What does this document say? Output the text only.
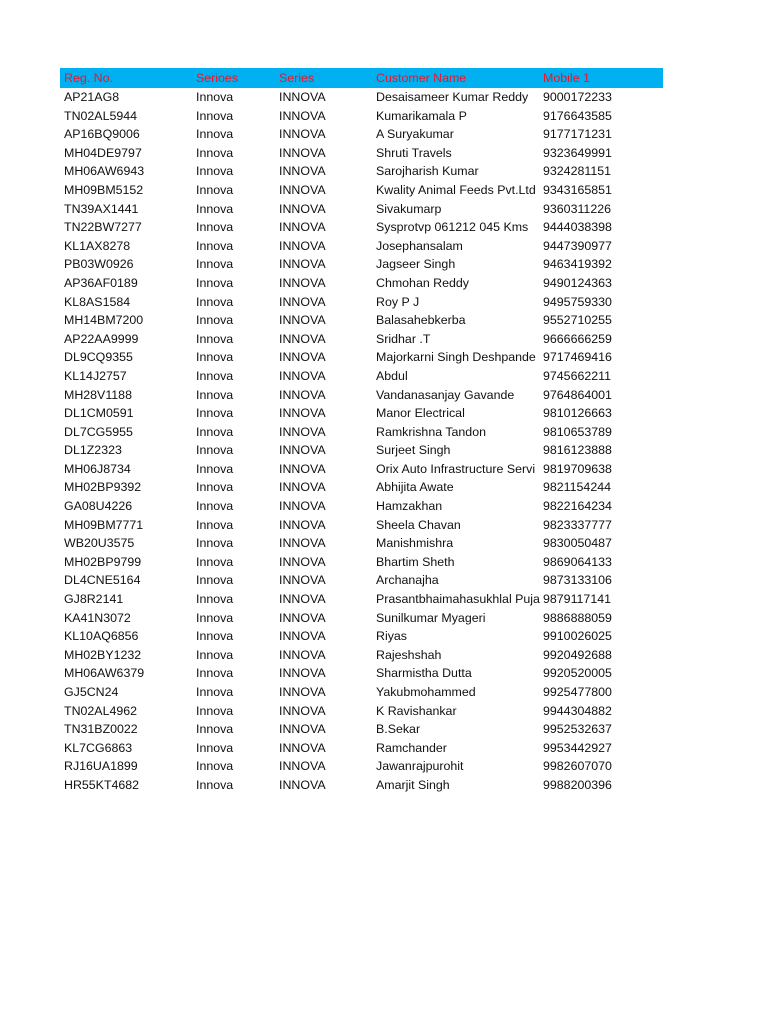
Reg. No.	Serioes	Series	Customer Name	Mobile 1
AP21AG8	Innova	INNOVA	Desaisameer Kumar Reddy	9000172233
TN02AL5944	Innova	INNOVA	Kumarikamala P	9176643585
AP16BQ9006	Innova	INNOVA	A Suryakumar	9177171231
MH04DE9797	Innova	INNOVA	Shruti Travels	9323649991
MH06AW6943	Innova	INNOVA	Sarojharish Kumar	9324281151
MH09BM5152	Innova	INNOVA	Kwality Animal Feeds Pvt.Ltd 9343165851
TN39AX1441	Innova	INNOVA	Sivakumarp	9360311226
TN22BW7277	Innova	INNOVA	Sysprotvp 061212 045 Kms	9444038398
KL1AX8278	Innova	INNOVA	Josephansalam	9447390977
PB03W0926	Innova	INNOVA	Jagseer Singh	9463419392
AP36AF0189	Innova	INNOVA	Chmohan Reddy	9490124363
KL8AS1584	Innova	INNOVA	Roy P J	9495759330
MH14BM7200	Innova	INNOVA	Balasahebkerba	9552710255
AP22AA9999	Innova	INNOVA	Sridhar .T	9666666259
DL9CQ9355	Innova	INNOVA	Majorkarni Singh Deshpande 9717469416
KL14J2757	Innova	INNOVA	Abdul	9745662211
MH28V1188	Innova	INNOVA	Vandanasanjay Gavande	9764864001
DL1CM0591	Innova	INNOVA	Manor Electrical	9810126663
DL7CG5955	Innova	INNOVA	Ramkrishna Tandon	9810653789
DL1Z2323	Innova	INNOVA	Surjeet Singh	9816123888
MH06J8734	Innova	INNOVA	Orix Auto Infrastructure Servi 9819709638
MH02BP9392	Innova	INNOVA	Abhijita Awate	9821154244
GA08U4226	Innova	INNOVA	Hamzakhan	9822164234
MH09BM7771	Innova	INNOVA	Sheela Chavan	9823337777
WB20U3575	Innova	INNOVA	Manishmishra	9830050487
MH02BP9799	Innova	INNOVA	Bhartim Sheth	9869064133
DL4CNE5164	Innova	INNOVA	Archanajha	9873133106
GJ8R2141	Innova	INNOVA	Prasantbhaimahasukhlal Puja 9879117141
KA41N3072	Innova	INNOVA	Sunilkumar Myageri	9886888059
KL10AQ6856	Innova	INNOVA	Riyas	9910026025
MH02BY1232	Innova	INNOVA	Rajeshshah	9920492688
MH06AW6379	Innova	INNOVA	Sharmistha Dutta	9920520005
GJ5CN24	Innova	INNOVA	Yakubmohammed	9925477800
TN02AL4962	Innova	INNOVA	K Ravishankar	9944304882
TN31BZ0022	Innova	INNOVA	B.Sekar	9952532637
KL7CG6863	Innova	INNOVA	Ramchander	9953442927
RJ16UA1899	Innova	INNOVA	Jawanrajpurohit	9982607070
HR55KT4682	Innova	INNOVA	Amarjit Singh	9988200396
